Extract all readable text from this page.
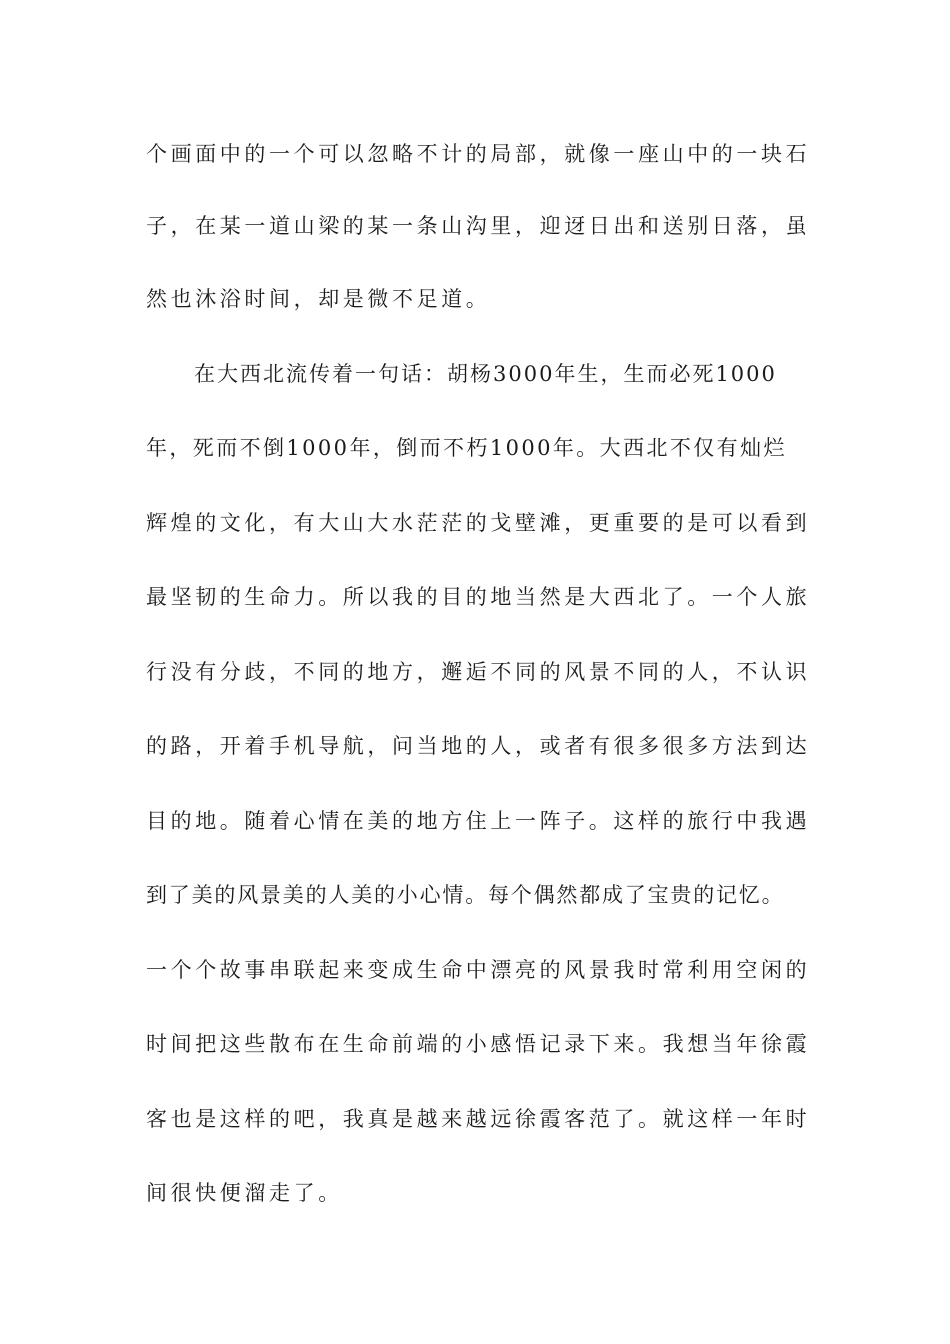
个画面中的一个可以忽略不计的局部，就像一座山中的一块石
子，在某一道山梁的某一条山沟里，迎迓日出和送别日落，虽
然也沐浴时间，却是微不足道。
在大西北流传着一句话：胡杨3000年生，生而必死1000
年，死而不倒1000年，倒而不朽1000年。大西北不仅有灿烂
辉煌的文化，有大山大水茫茫的戈壁滩，更重要的是可以看到
最坚韧的生命力。所以我的目的地当然是大西北了。一个人旅
行没有分歧，不同的地方，邂逅不同的风景不同的人，不认识
的路，开着手机导航，问当地的人，或者有很多很多方法到达
目的地。随着心情在美的地方住上一阵子。这样的旅行中我遇
到了美的风景美的人美的小心情。每个偶然都成了宝贵的记忆。
一个个故事串联起来变成生命中漂亮的风景我时常利用空闲的
时间把这些散布在生命前端的小感悟记录下来。我想当年徐霞
客也是这样的吧，我真是越来越远徐霞客范了。就这样一年时
间很快便溜走了。
